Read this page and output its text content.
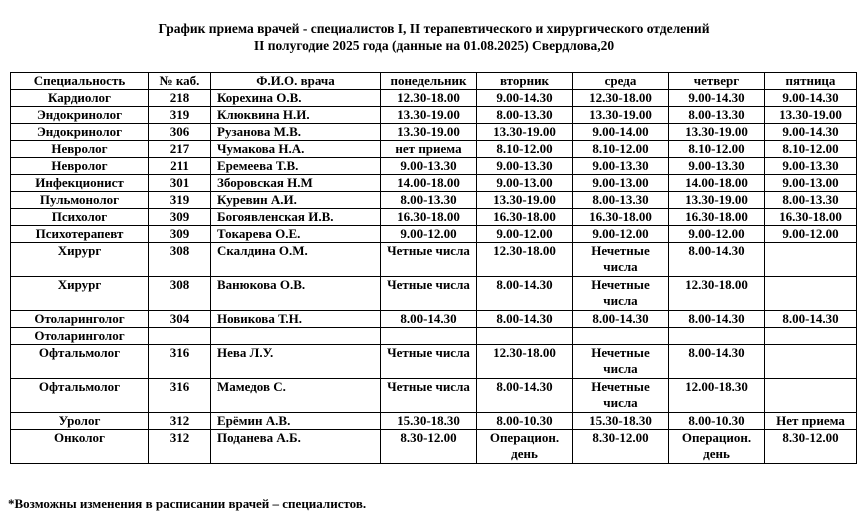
График приема врачей - специалистов I, II терапевтического и хирургического отделений
II полугодие 2025 года (данные на 01.08.2025) Свердлова,20
Специальность	№ каб.	Ф.И.О. врача	понедельник	вторник	среда	четверг	пятница
Кардиолог	218	Корехина О.В.	12.30-18.00	9.00-14.30	12.30-18.00	9.00-14.30	9.00-14.30
Эндокринолог	319	Клюквина Н.И.	13.30-19.00	8.00-13.30	13.30-19.00	8.00-13.30	13.30-19.00
Эндокринолог	306	Рузанова М.В.	13.30-19.00	13.30-19.00	9.00-14.00	13.30-19.00	9.00-14.30
Невролог	217	Чумакова Н.А.	нет приема	8.10-12.00	8.10-12.00	8.10-12.00	8.10-12.00
Невролог	211	Еремеева Т.В.	9.00-13.30	9.00-13.30	9.00-13.30	9.00-13.30	9.00-13.30
Инфекционист	301	Зборовская Н.М	14.00-18.00	9.00-13.00	9.00-13.00	14.00-18.00	9.00-13.00
Пульмонолог	319	Куревин А.И.	8.00-13.30	13.30-19.00	8.00-13.30	13.30-19.00	8.00-13.30
Психолог	309	Богоявленская И.В.	16.30-18.00	16.30-18.00	16.30-18.00	16.30-18.00	16.30-18.00
Психотерапевт	309	Токарева О.Е.	9.00-12.00	9.00-12.00	9.00-12.00	9.00-12.00	9.00-12.00
Хирург	308	Скалдина О.М.	Четные числа	12.30-18.00	Нечетные числа	8.00-14.30	
Хирург	308	Ванюкова О.В.	Четные числа	8.00-14.30	Нечетные числа	12.30-18.00	
Отоларинголог	304	Новикова Т.Н.	8.00-14.30	8.00-14.30	8.00-14.30	8.00-14.30	8.00-14.30
Отоларинголог							
Офтальмолог	316	Нева Л.У.	Четные числа	12.30-18.00	Нечетные числа	8.00-14.30	
Офтальмолог	316	Мамедов С.	Четные числа	8.00-14.30	Нечетные числа	12.00-18.30	
Уролог	312	Ерёмин А.В.	15.30-18.30	8.00-10.30	15.30-18.30	8.00-10.30	Нет приема
Онколог	312	Поданева А.Б.	8.30-12.00	Операцион. день	8.30-12.00	Операцион. день	8.30-12.00
*Возможны изменения в расписании врачей – специалистов.
